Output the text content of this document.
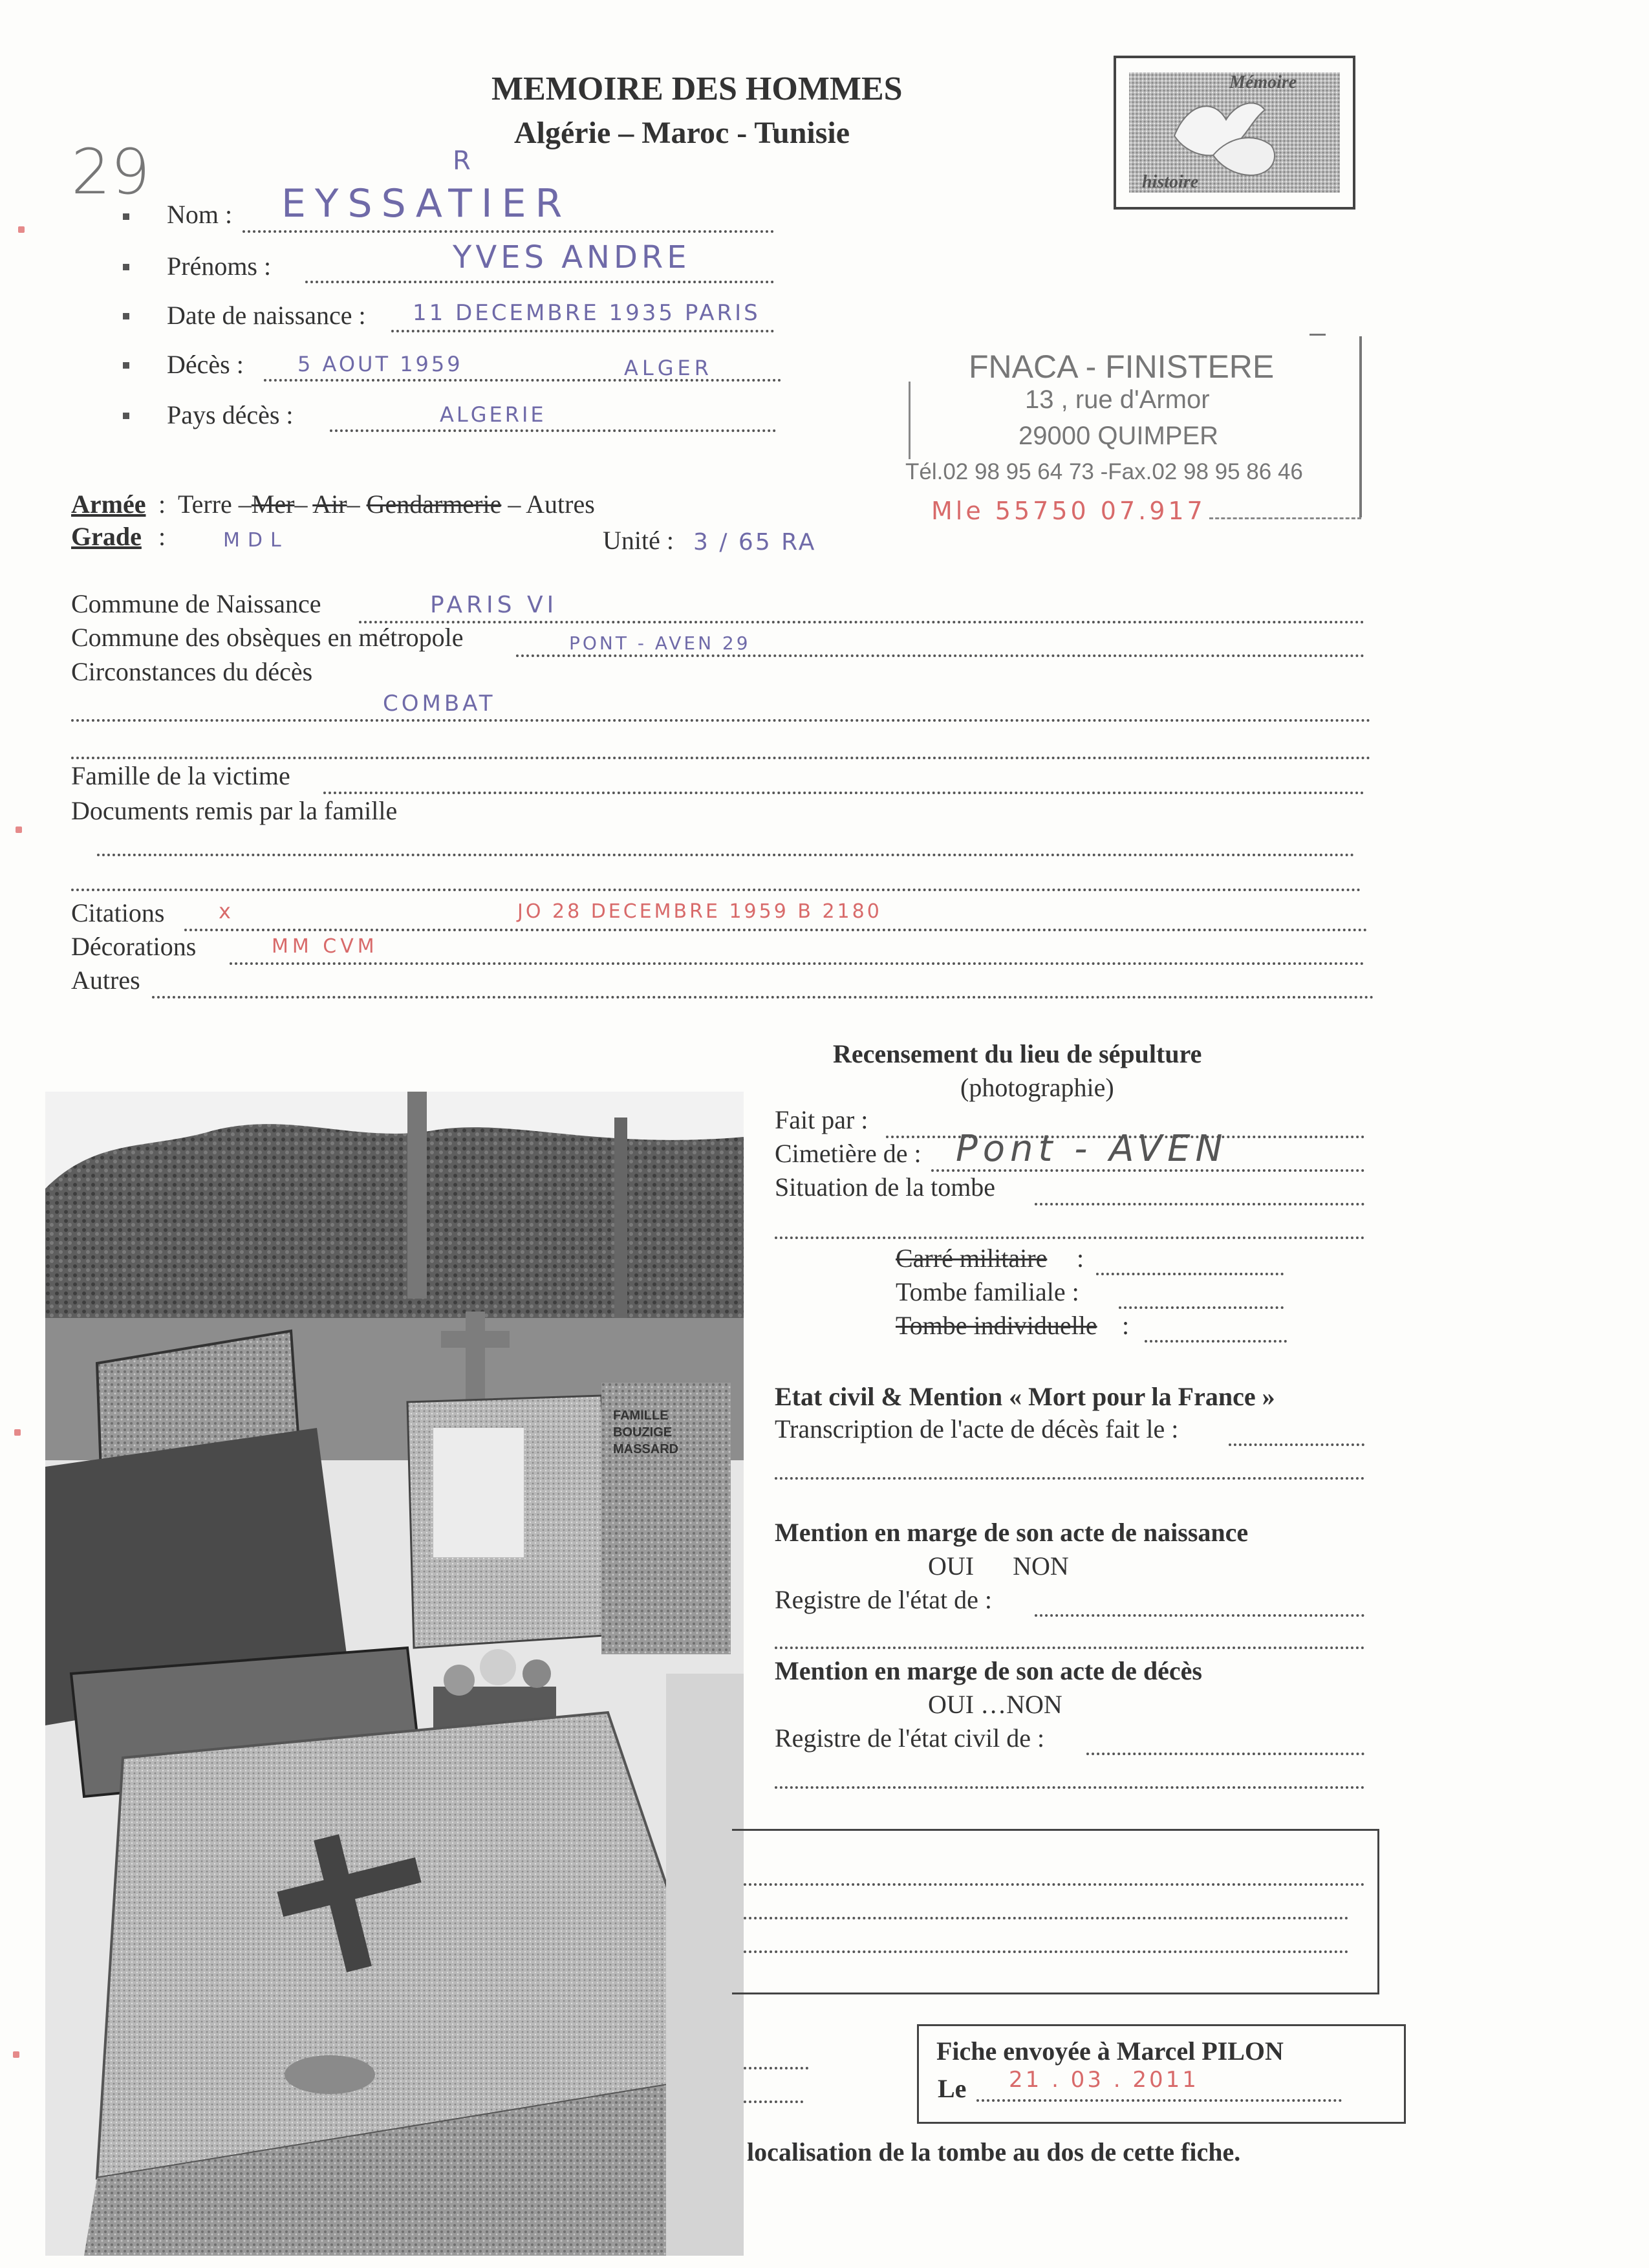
MEMOIRE DES HOMMES
Algérie – Maroc - Tunisie
Mémoire
histoire
29
Nom : EYSSATIER
R
Prénoms :	YVES ANDRE
Date de naissance : 11 DECEMBRE 1935 PARIS
Décès :	5 AOUT 1959	ALGER
Pays décès :	ALGERIE
FNACA - FINISTERE
13 , rue d'Armor
29000 QUIMPER
Tél.02 98 95 64 73 -Fax.02 98 95 86 46
Mle 55750 07.917
Armée : Terre –Mer– Air– Gendarmerie – Autres
Grade :	MDL	Unité : 3 / 65 RA
Commune de Naissance	PARIS VI
Commune des obsèques en métropole	PONT - AVEN 29
Circonstances du décès
COMBAT
Famille de la victime
Documents remis par la famille
Citations	x	JO 28 DECEMBRE 1959 B 2180
Décorations	MM CVM
Autres
FAMILLE BOUZIGE MASSARD
Recensement du lieu de sépulture
(photographie)
Fait par :
Cimetière de : Pont - AVEN
Situation de la tombe
Carré militaire :
Tombe familiale :
Tombe individuelle :
Etat civil & Mention « Mort pour la France »
Transcription de l'acte de décès fait le :
Mention en marge de son acte de naissance
OUI      NON
Registre de l'état de :
Mention en marge de son acte de décès
OUI …NON
Registre de l'état civil de :
Fiche envoyée à Marcel PILON
Le 21 . 03 . 2011
localisation de la tombe au dos de cette fiche.
